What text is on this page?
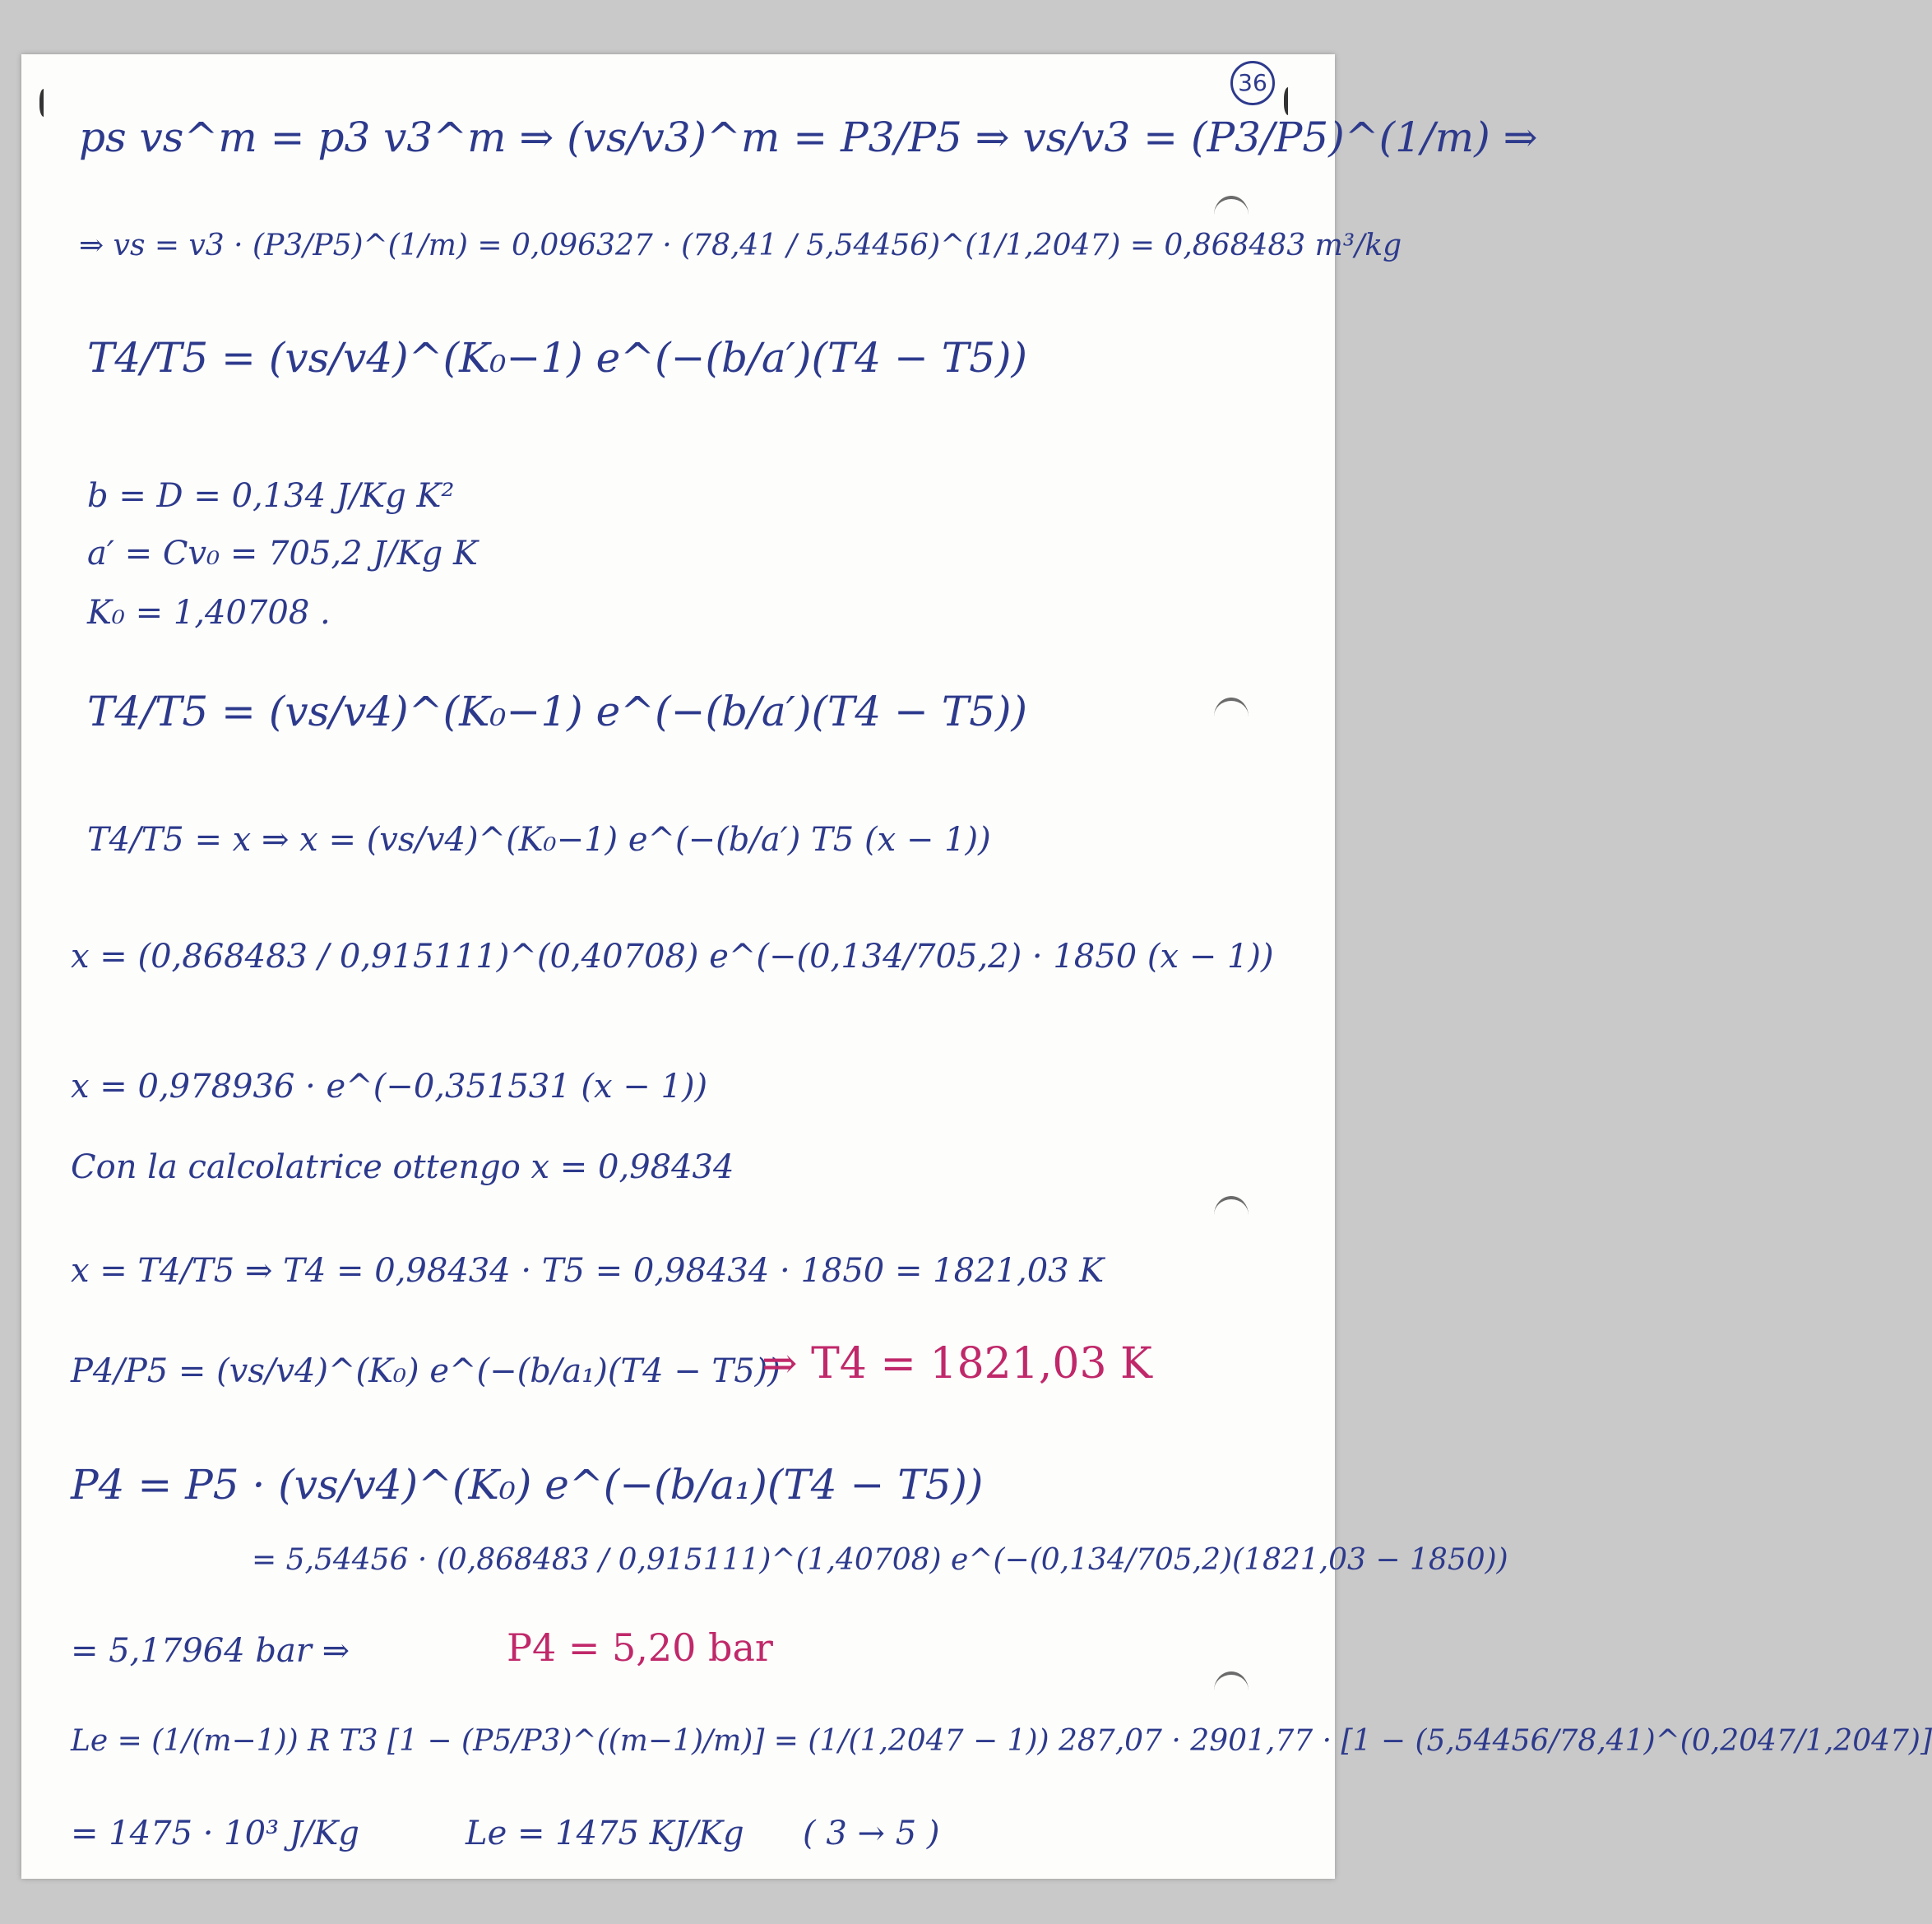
36
ps vs^m = p3 v3^m ⇒ (vs/v3)^m = P3/P5 ⇒ vs/v3 = (P3/P5)^(1/m) ⇒
⇒ vs = v3 · (P3/P5)^(1/m) = 0,096327 · (78,41 / 5,54456)^(1/1,2047) = 0,868483 m³/kg
T4/T5 = (vs/v4)^(K₀−1) e^(−(b/a′)(T4 − T5))
b = D = 0,134 J/Kg K²
a′ = Cv₀ = 705,2 J/Kg K
K₀ = 1,40708 .
T4/T5 = (vs/v4)^(K₀−1) e^(−(b/a′)(T4 − T5))
T4/T5 = x ⇒ x = (vs/v4)^(K₀−1) e^(−(b/a′) T5 (x − 1))
x = (0,868483 / 0,915111)^(0,40708) e^(−(0,134/705,2) · 1850 (x − 1))
x = 0,978936 · e^(−0,351531 (x − 1))
Con la calcolatrice ottengo x = 0,98434
x = T4/T5 ⇒ T4 = 0,98434 · T5 = 0,98434 · 1850 = 1821,03 K
P4/P5 = (vs/v4)^(K₀) e^(−(b/a₁)(T4 − T5))
⇒ T4 = 1821,03 K
P4 = P5 · (vs/v4)^(K₀) e^(−(b/a₁)(T4 − T5))
= 5,54456 · (0,868483 / 0,915111)^(1,40708) e^(−(0,134/705,2)(1821,03 − 1850))
= 5,17964 bar ⇒	P4 = 5,20 bar
Le = (1/(m−1)) R T3 [1 − (P5/P3)^((m−1)/m)] = (1/(1,2047 − 1)) 287,07 · 2901,77 · [1 − (5,54456/78,41)^(0,2047/1,2047)]
= 1475 · 10³ J/Kg	Le = 1475 KJ/Kg ( 3 → 5 )
